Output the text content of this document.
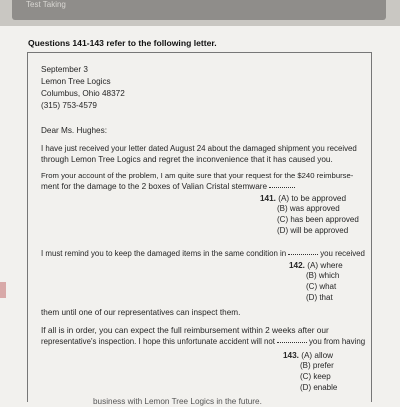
Test Taking
Questions 141-143 refer to the following letter.
September 3
Lemon Tree Logics
Columbus, Ohio 48372
(315) 753-4579
Dear Ms. Hughes:
I have just received your letter dated August 24 about the damaged shipment you received
through Lemon Tree Logics and regret the inconvenience that it has caused you.
From your account of the problem, I am quite sure that your request for the $240 reimburse-
ment for the damage to the 2 boxes of Valian Cristal stemware
141. (A) to be approved
(B) was approved
(C) has been approved
(D) will be approved
I must remind you to keep the damaged items in the same condition in	you received
142. (A) where
(B) which
(C) what
(D) that
them until one of our representatives can inspect them.
If all is in order, you can expect the full reimbursement within 2 weeks after our
representative's inspection. I hope this unfortunate accident will not	you from having
143. (A) allow
(B) prefer
(C) keep
(D) enable
business with Lemon Tree Logics in the future.
